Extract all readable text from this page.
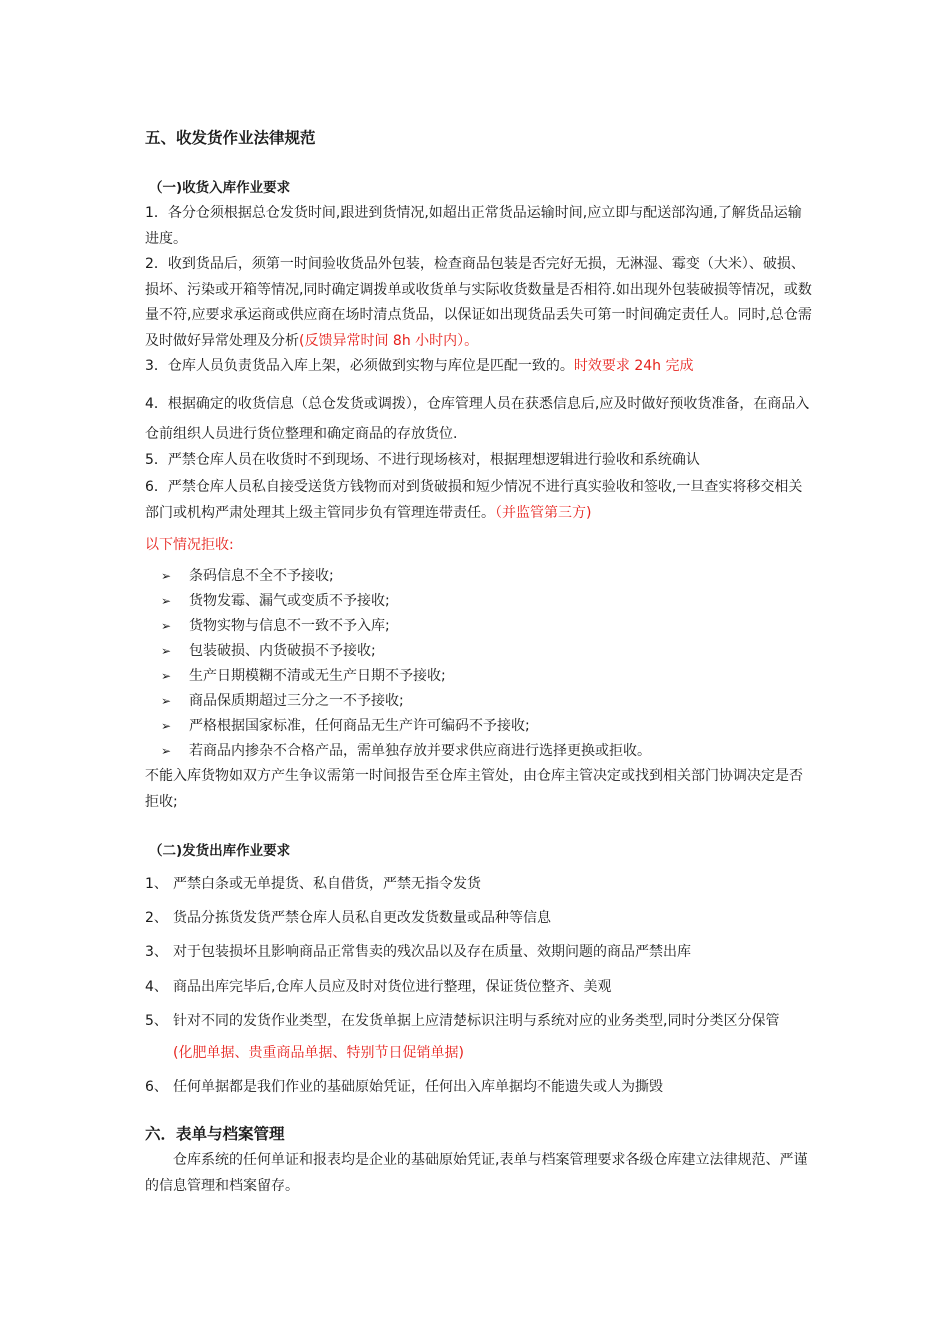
五、收发货作业法律规范
（一)收货入库作业要求
1．各分仓须根据总仓发货时间,跟进到货情况,如超出正常货品运输时间,应立即与配送部沟通,了解货品运输进度。
2．收到货品后，须第一时间验收货品外包装，检查商品包装是否完好无损，无淋湿、霉变（大米）、破损、损坏、污染或开箱等情况,同时确定调拨单或收货单与实际收货数量是否相符.如出现外包装破损等情况，或数量不符,应要求承运商或供应商在场时清点货品，以保证如出现货品丢失可第一时间确定责任人。同时,总仓需及时做好异常处理及分析(反馈异常时间 8h 小时内）。
3．仓库人员负责货品入库上架，必须做到实物与库位是匹配一致的。时效要求 24h 完成
4．根据确定的收货信息（总仓发货或调拨），仓库管理人员在获悉信息后,应及时做好预收货准备，在商品入仓前组织人员进行货位整理和确定商品的存放货位.
5．严禁仓库人员在收货时不到现场、不进行现场核对，根据理想逻辑进行验收和系统确认
6．严禁仓库人员私自接受送货方钱物而对到货破损和短少情况不进行真实验收和签收,一旦查实将移交相关部门或机构严肃处理其上级主管同步负有管理连带责任。（并监管第三方)
以下情况拒收:
➢ 条码信息不全不予接收;
➢ 货物发霉、漏气或变质不予接收;
➢ 货物实物与信息不一致不予入库;
➢ 包装破损、内货破损不予接收;
➢ 生产日期模糊不清或无生产日期不予接收;
➢ 商品保质期超过三分之一不予接收;
➢ 严格根据国家标准，任何商品无生产许可编码不予接收;
➢ 若商品内掺杂不合格产品，需单独存放并要求供应商进行选择更换或拒收。
不能入库货物如双方产生争议需第一时间报告至仓库主管处，由仓库主管决定或找到相关部门协调决定是否拒收;
（二)发货出库作业要求
1、 严禁白条或无单提货、私自借货，严禁无指令发货
2、 货品分拣货发货严禁仓库人员私自更改发货数量或品种等信息
3、 对于包装损坏且影响商品正常售卖的残次品以及存在质量、效期问题的商品严禁出库
4、 商品出库完毕后,仓库人员应及时对货位进行整理，保证货位整齐、美观
5、 针对不同的发货作业类型，在发货单据上应清楚标识注明与系统对应的业务类型,同时分类区分保管
(化肥单据、贵重商品单据、特别节日促销单据)
6、 任何单据都是我们作业的基础原始凭证，任何出入库单据均不能遗失或人为撕毁
六．表单与档案管理
仓库系统的任何单证和报表均是企业的基础原始凭证,表单与档案管理要求各级仓库建立法律规范、严谨的信息管理和档案留存。
